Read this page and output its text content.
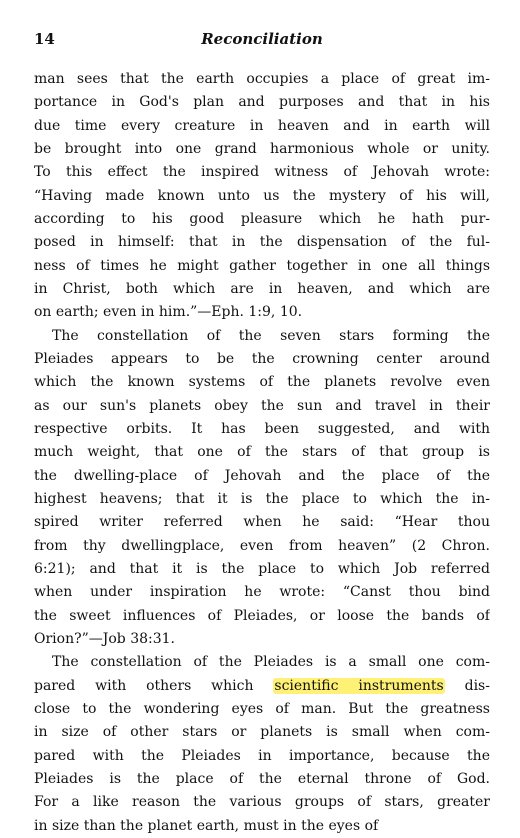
14	Reconciliation
man sees that the earth occupies a place of great im-
portance in God's plan and purposes and that in his
due time every creature in heaven and in earth will
be brought into one grand harmonious whole or unity.
To this effect the inspired witness of Jehovah wrote:
“Having made known unto us the mystery of his will,
according to his good pleasure which he hath pur-
posed in himself: that in the dispensation of the ful-
ness of times he might gather together in one all things
in Christ, both which are in heaven, and which are
on earth; even in him.”—Eph. 1:9, 10.
The constellation of the seven stars forming the
Pleiades appears to be the crowning center around
which the known systems of the planets revolve even
as our sun's planets obey the sun and travel in their
respective orbits. It has been suggested, and with
much weight, that one of the stars of that group is
the dwelling-place of Jehovah and the place of the
highest heavens; that it is the place to which the in-
spired writer referred when he said: “Hear thou
from thy dwellingplace, even from heaven” (2 Chron.
6:21); and that it is the place to which Job referred
when under inspiration he wrote: “Canst thou bind
the sweet influences of Pleiades, or loose the bands of
Orion?”—Job 38:31.
The constellation of the Pleiades is a small one com-
pared with others which scientific instruments dis-
close to the wondering eyes of man. But the greatness
in size of other stars or planets is small when com-
pared with the Pleiades in importance, because the
Pleiades is the place of the eternal throne of God.
For a like reason the various groups of stars, greater
in size than the planet earth, must in the eyes of
